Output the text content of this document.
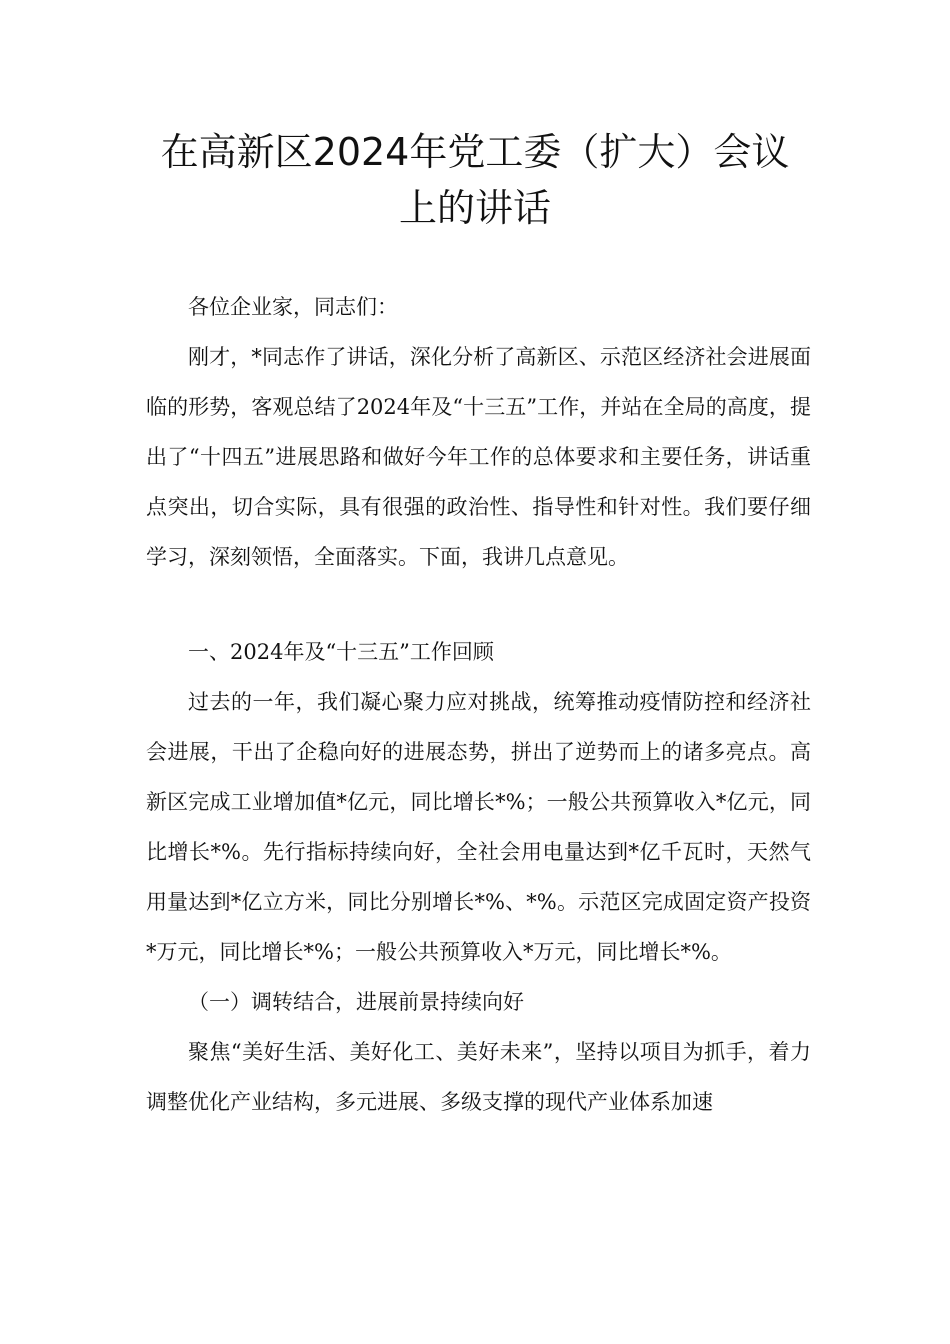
在高新区2024年党工委（扩大）会议
上的讲话

各位企业家，同志们：

刚才，*同志作了讲话，深化分析了高新区、示范区经济社会进展面临的形势，客观总结了2024年及“十三五”工作，并站在全局的高度，提出了“十四五”进展思路和做好今年工作的总体要求和主要任务，讲话重点突出，切合实际，具有很强的政治性、指导性和针对性。我们要仔细学习，深刻领悟，全面落实。下面，我讲几点意见。

一、2024年及“十三五”工作回顾

过去的一年，我们凝心聚力应对挑战，统筹推动疫情防控和经济社会进展，干出了企稳向好的进展态势，拼出了逆势而上的诸多亮点。高新区完成工业增加值*亿元，同比增长*%；一般公共预算收入*亿元，同比增长*%。先行指标持续向好，全社会用电量达到*亿千瓦时，天然气用量达到*亿立方米，同比分别增长*%、*%。示范区完成固定资产投资*万元，同比增长*%；一般公共预算收入*万元，同比增长*%。

（一）调转结合，进展前景持续向好

聚焦“美好生活、美好化工、美好未来”，坚持以项目为抓手，着力调整优化产业结构，多元进展、多级支撑的现代产业体系加速
